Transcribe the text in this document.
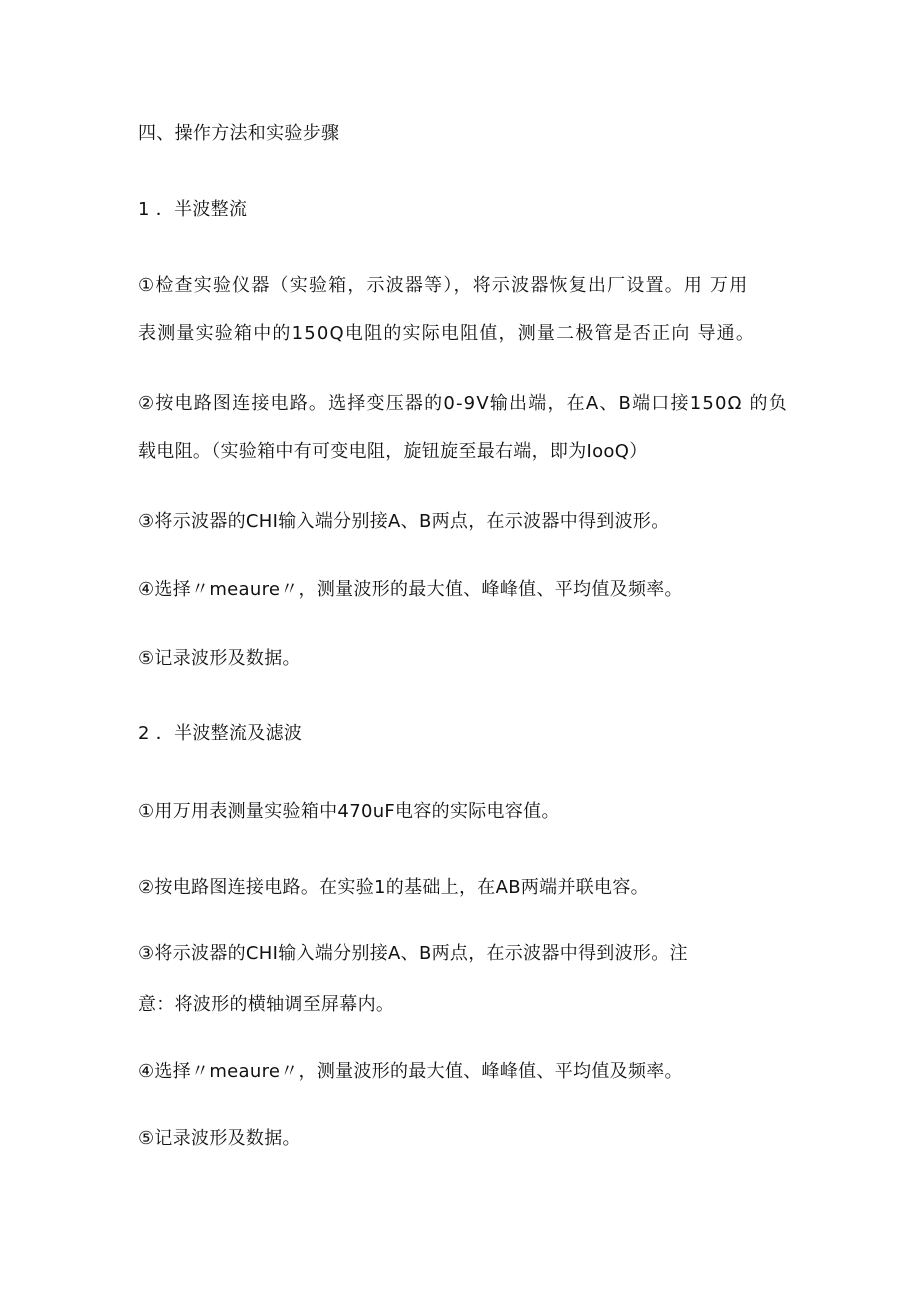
四、操作方法和实验步骤
1 ．半波整流
①检查实验仪器（实验箱，示波器等），将示波器恢复出厂设置。用 万用
表测量实验箱中的150Q电阻的实际电阻值，测量二极管是否正向 导通。
②按电路图连接电路。选择变压器的0-9V输出端，在A、B端口接150Ω 的负
载电阻。（实验箱中有可变电阻，旋钮旋至最右端，即为IooQ）
③将示波器的CHI输入端分别接A、B两点，在示波器中得到波形。
④选择〃meaure〃，测量波形的最大值、峰峰值、平均值及频率。
⑤记录波形及数据。
2 ．半波整流及滤波
①用万用表测量实验箱中470uF电容的实际电容值。
②按电路图连接电路。在实验1的基础上，在AB两端并联电容。
③将示波器的CHI输入端分别接A、B两点，在示波器中得到波形。注
意：将波形的横轴调至屏幕内。
④选择〃meaure〃，测量波形的最大值、峰峰值、平均值及频率。
⑤记录波形及数据。
